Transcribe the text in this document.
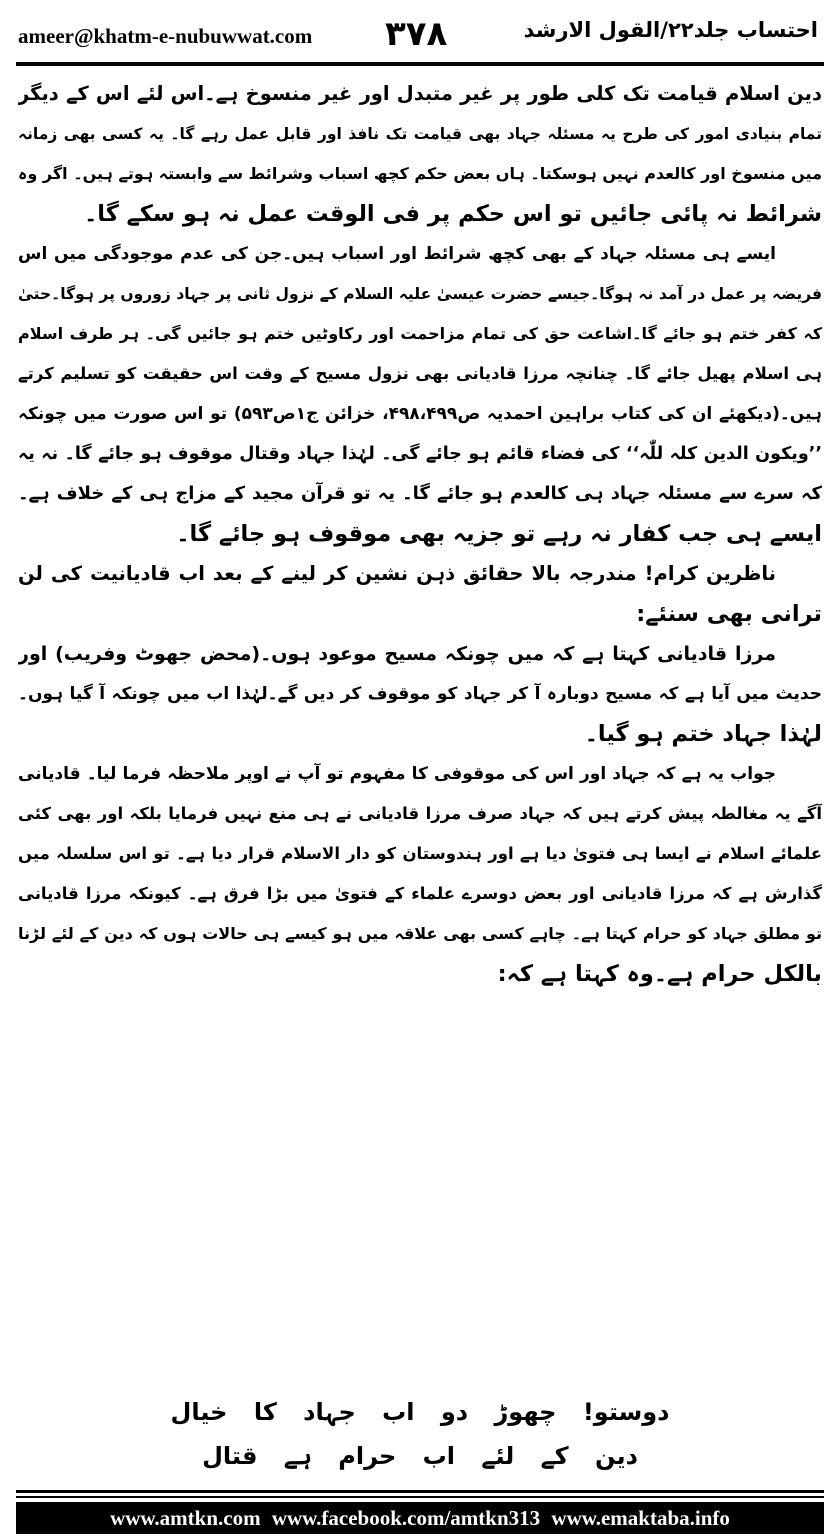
ameer@khatm-e-nubuwwat.com ٣٧٨	احتساب جلد۲۲/القول الارشد
دین اسلام قیامت تک کلی طور پر غیر متبدل اور غیر منسوخ ہے۔اس لئے اس کے دیگر
تمام بنیادی امور کی طرح یہ مسئلہ جہاد بھی قیامت تک نافذ اور قابل عمل رہے گا۔ یہ کسی بھی زمانہ
میں منسوخ اور کالعدم نہیں ہوسکتا۔ ہاں بعض حکم کچھ اسباب وشرائط سے وابستہ ہوتے ہیں۔ اگر وہ
شرائط نہ پائی جائیں تو اس حکم پر فی الوقت عمل نہ ہو سکے گا۔
ایسے ہی مسئلہ جہاد کے بھی کچھ شرائط اور اسباب ہیں۔جن کی عدم موجودگی میں اس
فریضہ پر عمل در آمد نہ ہوگا۔جیسے حضرت عیسیٰ علیہ السلام کے نزول ثانی پر جہاد زوروں پر ہوگا۔حتیٰ
کہ کفر ختم ہو جائے گا۔اشاعت حق کی تمام مزاحمت اور رکاوٹیں ختم ہو جائیں گی۔ ہر طرف اسلام
ہی اسلام پھیل جائے گا۔ چنانچہ مرزا قادیانی بھی نزول مسیح کے وقت اس حقیقت کو تسلیم کرتے
ہیں۔(دیکھئے ان کی کتاب براہین احمدیہ ص۴۹۸،۴۹۹، خزائن ج۱ص۵۹۳) تو اس صورت میں چونکہ
’’ویکون الدین کلہ للّٰہ‘‘ کی فضاء قائم ہو جائے گی۔ لہٰذا جہاد وقتال موقوف ہو جائے گا۔ نہ یہ
کہ سرے سے مسئلہ جہاد ہی کالعدم ہو جائے گا۔ یہ تو قرآن مجید کے مزاج ہی کے خلاف ہے۔
ایسے ہی جب کفار نہ رہے تو جزیہ بھی موقوف ہو جائے گا۔
ناظرین کرام! مندرجہ بالا حقائق ذہن نشین کر لینے کے بعد اب قادیانیت کی لن
ترانی بھی سنئے:
مرزا قادیانی کہتا ہے کہ میں چونکہ مسیح موعود ہوں۔(محض جھوٹ وفریب) اور
حدیث میں آیا ہے کہ مسیح دوبارہ آ کر جہاد کو موقوف کر دیں گے۔لہٰذا اب میں چونکہ آ گیا ہوں۔
لہٰذا جہاد ختم ہو گیا۔
جواب یہ ہے کہ جہاد اور اس کی موقوفی کا مفہوم تو آپ نے اوپر ملاحظہ فرما لیا۔ قادیانی
آگے یہ مغالطہ پیش کرتے ہیں کہ جہاد صرف مرزا قادیانی نے ہی منع نہیں فرمایا بلکہ اور بھی کئی
علمائے اسلام نے ایسا ہی فتویٰ دیا ہے اور ہندوستان کو دار الاسلام قرار دیا ہے۔ تو اس سلسلہ میں
گذارش ہے کہ مرزا قادیانی اور بعض دوسرے علماء کے فتویٰ میں بڑا فرق ہے۔ کیونکہ مرزا قادیانی
تو مطلق جہاد کو حرام کہتا ہے۔ چاہے کسی بھی علاقہ میں ہو کیسے ہی حالات ہوں کہ دین کے لئے لڑنا
بالکل حرام ہے۔وہ کہتا ہے کہ:
دوستو! چھوڑ دو اب جہاد کا خیال
دین کے لئے اب حرام ہے قتال
www.amtkn.com www.facebook.com/amtkn313 www.emaktaba.info
